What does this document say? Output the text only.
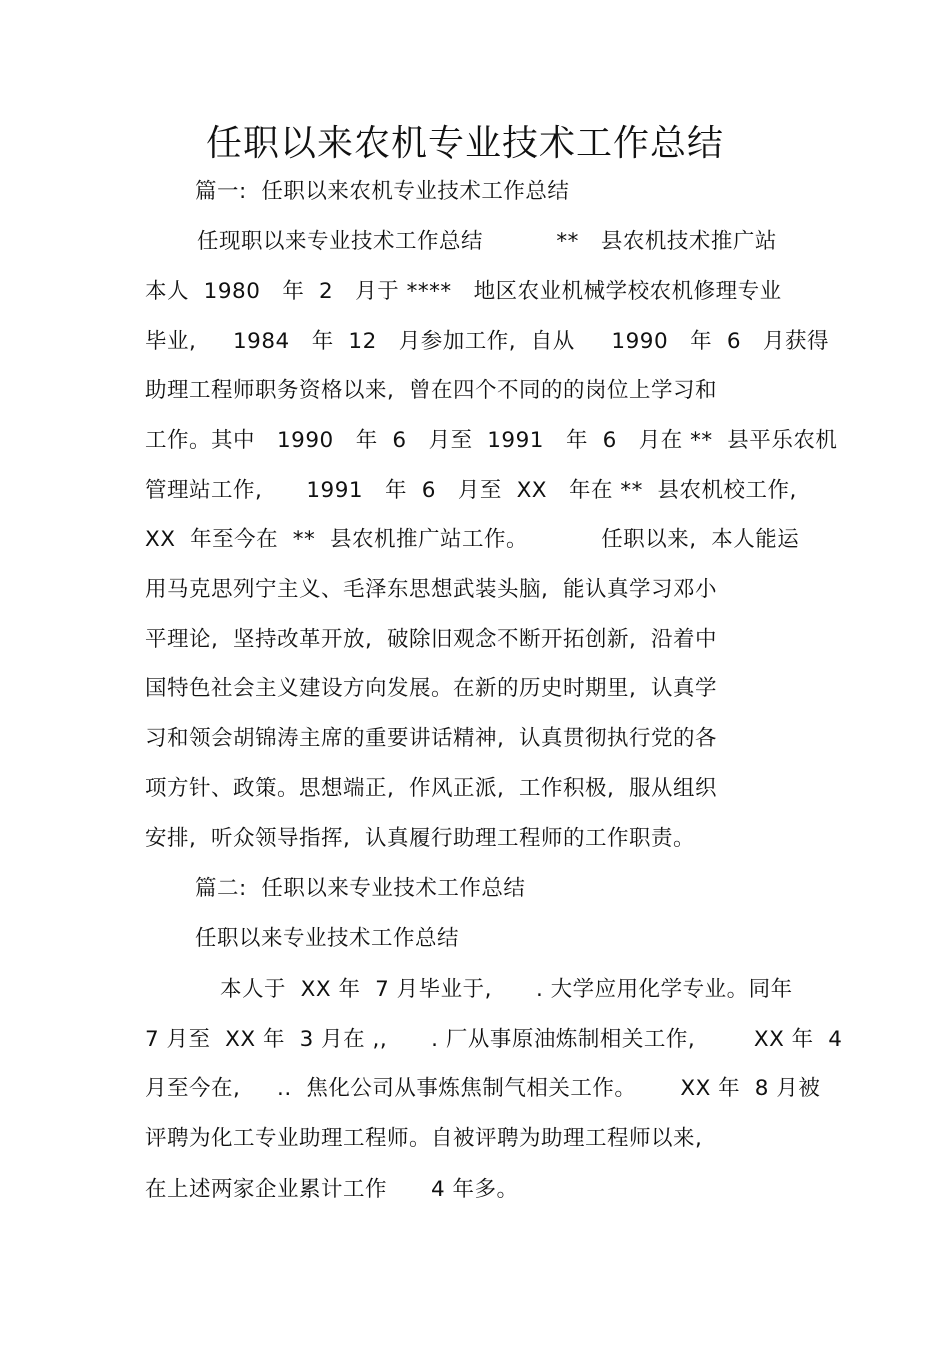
任职以来农机专业技术工作总结
篇一:  任职以来农机专业技术工作总结
任现职以来专业技术工作总结          **   县农机技术推广站
本人  1980   年  2   月于 ****   地区农业机械学校农机修理专业
毕业,     1984   年  12   月参加工作,  自从     1990   年  6   月获得
助理工程师职务资格以来,  曾在四个不同的的岗位上学习和
工作。其中   1990   年  6   月至  1991   年  6   月在 **  县平乐农机
管理站工作,      1991   年  6   月至  XX   年在 **  县农机校工作,
XX  年至今在  **  县农机推广站工作。          任职以来,  本人能运
用马克思列宁主义、毛泽东思想武装头脑,  能认真学习邓小
平理论,  坚持改革开放,  破除旧观念不断开拓创新,  沿着中
国特色社会主义建设方向发展。在新的历史时期里,  认真学
习和领会胡锦涛主席的重要讲话精神,  认真贯彻执行党的各
项方针、政策。思想端正,  作风正派,  工作积极,  服从组织
安排,  听众领导指挥,  认真履行助理工程师的工作职责。
篇二:  任职以来专业技术工作总结
任职以来专业技术工作总结
本人于  XX 年  7 月毕业于,      . 大学应用化学专业。同年
7 月至  XX 年  3 月在 ,,      . 厂从事原油炼制相关工作,        XX 年  4
月至今在,     ..  焦化公司从事炼焦制气相关工作。      XX 年  8 月被
评聘为化工专业助理工程师。自被评聘为助理工程师以来,
在上述两家企业累计工作      4 年多。
